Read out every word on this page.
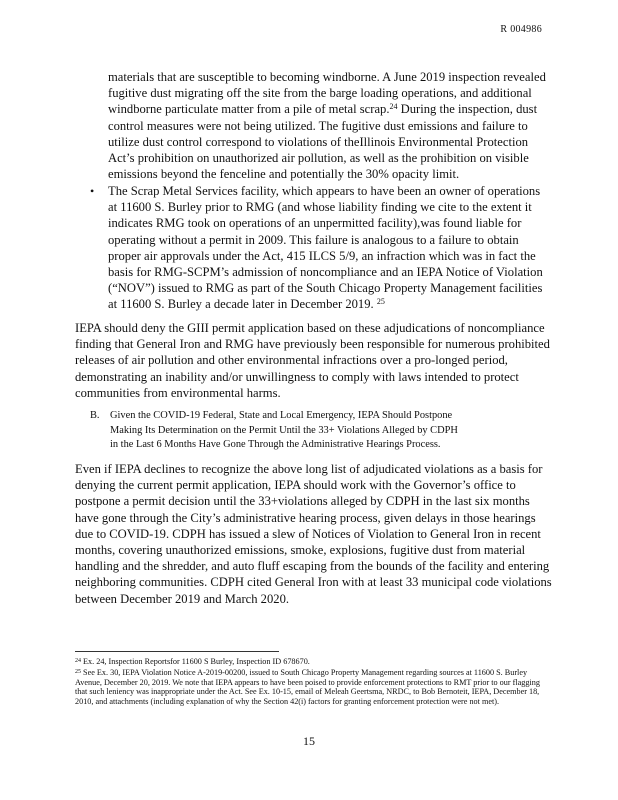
R 004986

materials that are susceptible to becoming windborne. A June 2019 inspection revealed fugitive dust migrating off the site from the barge loading operations, and additional windborne particulate matter from a pile of metal scrap.$^{24}$ During the inspection, dust control measures were not being utilized. The fugitive dust emissions and failure to utilize dust control correspond to violations of theIllinois Environmental Protection Act’s prohibition on unauthorized air pollution, as well as the prohibition on visible emissions beyond the fenceline and potentially the 30% opacity limit.

• The Scrap Metal Services facility, which appears to have been an owner of operations at 11600 S. Burley prior to RMG (and whose liability finding we cite to the extent it indicates RMG took on operations of an unpermitted facility),was found liable for operating without a permit in 2009. This failure is analogous to a failure to obtain proper air approvals under the Act, 415 ILCS 5/9, an infraction which was in fact the basis for RMG-SCPM’s admission of noncompliance and an IEPA Notice of Violation (“NOV”) issued to RMG as part of the South Chicago Property Management facilities at 11600 S. Burley a decade later in December 2019. $^{25}$

IEPA should deny the GIII permit application based on these adjudications of noncompliance finding that General Iron and RMG have previously been responsible for numerous prohibited releases of air pollution and other environmental infractions over a pro-longed period, demonstrating an inability and/or unwillingness to comply with laws intended to protect communities from environmental harms.

B. Given the COVID-19 Federal, State and Local Emergency, IEPA Should Postpone
Making Its Determination on the Permit Until the 33+ Violations Alleged by CDPH
in the Last 6 Months Have Gone Through the Administrative Hearings Process.

Even if IEPA declines to recognize the above long list of adjudicated violations as a basis for denying the current permit application, IEPA should work with the Governor’s office to postpone a permit decision until the 33+violations alleged by CDPH in the last six months have gone through the City’s administrative hearing process, given delays in those hearings due to COVID-19. CDPH has issued a slew of Notices of Violation to General Iron in recent months, covering unauthorized emissions, smoke, explosions, fugitive dust from material handling and the shredder, and auto fluff escaping from the bounds of the facility and entering neighboring communities. CDPH cited General Iron with at least 33 municipal code violations between December 2019 and March 2020.

$^{24}$ Ex. 24, Inspection Reportsfor 11600 S Burley, Inspection ID 678670.

$^{25}$ See Ex. 30, IEPA Violation Notice A-2019-00200, issued to South Chicago Property Management regarding sources at 11600 S. Burley Avenue, December 20, 2019. We note that IEPA appears to have been poised to provide enforcement protections to RMT prior to our flagging that such leniency was inappropriate under the Act. See Ex. 10-15, email of Meleah Geertsma, NRDC, to Bob Bernoteit, IEPA, December 18, 2010, and attachments (including explanation of why the Section 42(i) factors for granting enforcement protection were not met).

15
